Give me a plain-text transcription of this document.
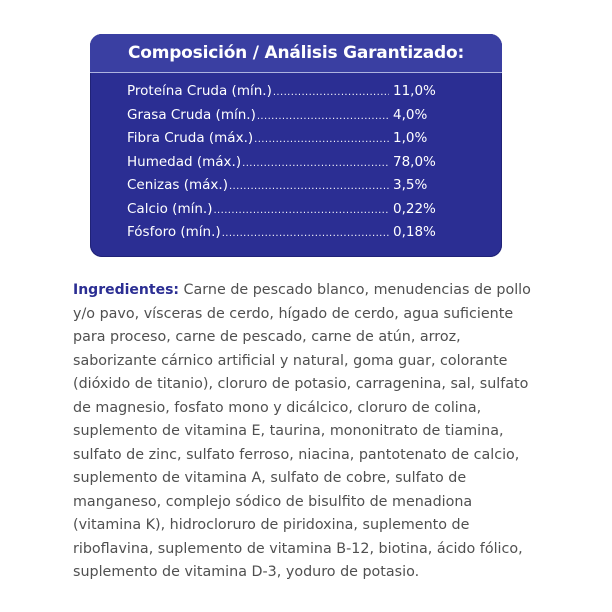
Composición / Análisis Garantizado:
Proteína Cruda (mín.) .....	11,0%
Grasa Cruda (mín.) .....	4,0%
Fibra Cruda (máx.) .....	1,0%
Humedad (máx.) .....	78,0%
Cenizas (máx.) .....	3,5%
Calcio (mín.) .....	0,22%
Fósforo (mín.) .....	0,18%
Ingredientes: Carne de pescado blanco, menudencias de pollo
y/o pavo, vísceras de cerdo, hígado de cerdo, agua suficiente
para proceso, carne de pescado, carne de atún, arroz,
saborizante cárnico artificial y natural, goma guar, colorante
(dióxido de titanio), cloruro de potasio, carragenina, sal, sulfato
de magnesio, fosfato mono y dicálcico, cloruro de colina,
suplemento de vitamina E, taurina, mononitrato de tiamina,
sulfato de zinc, sulfato ferroso, niacina, pantotenato de calcio,
suplemento de vitamina A, sulfato de cobre, sulfato de
manganeso, complejo sódico de bisulfito de menadiona
(vitamina K), hidrocloruro de piridoxina, suplemento de
riboflavina, suplemento de vitamina B-12, biotina, ácido fólico,
suplemento de vitamina D-3, yoduro de potasio.
